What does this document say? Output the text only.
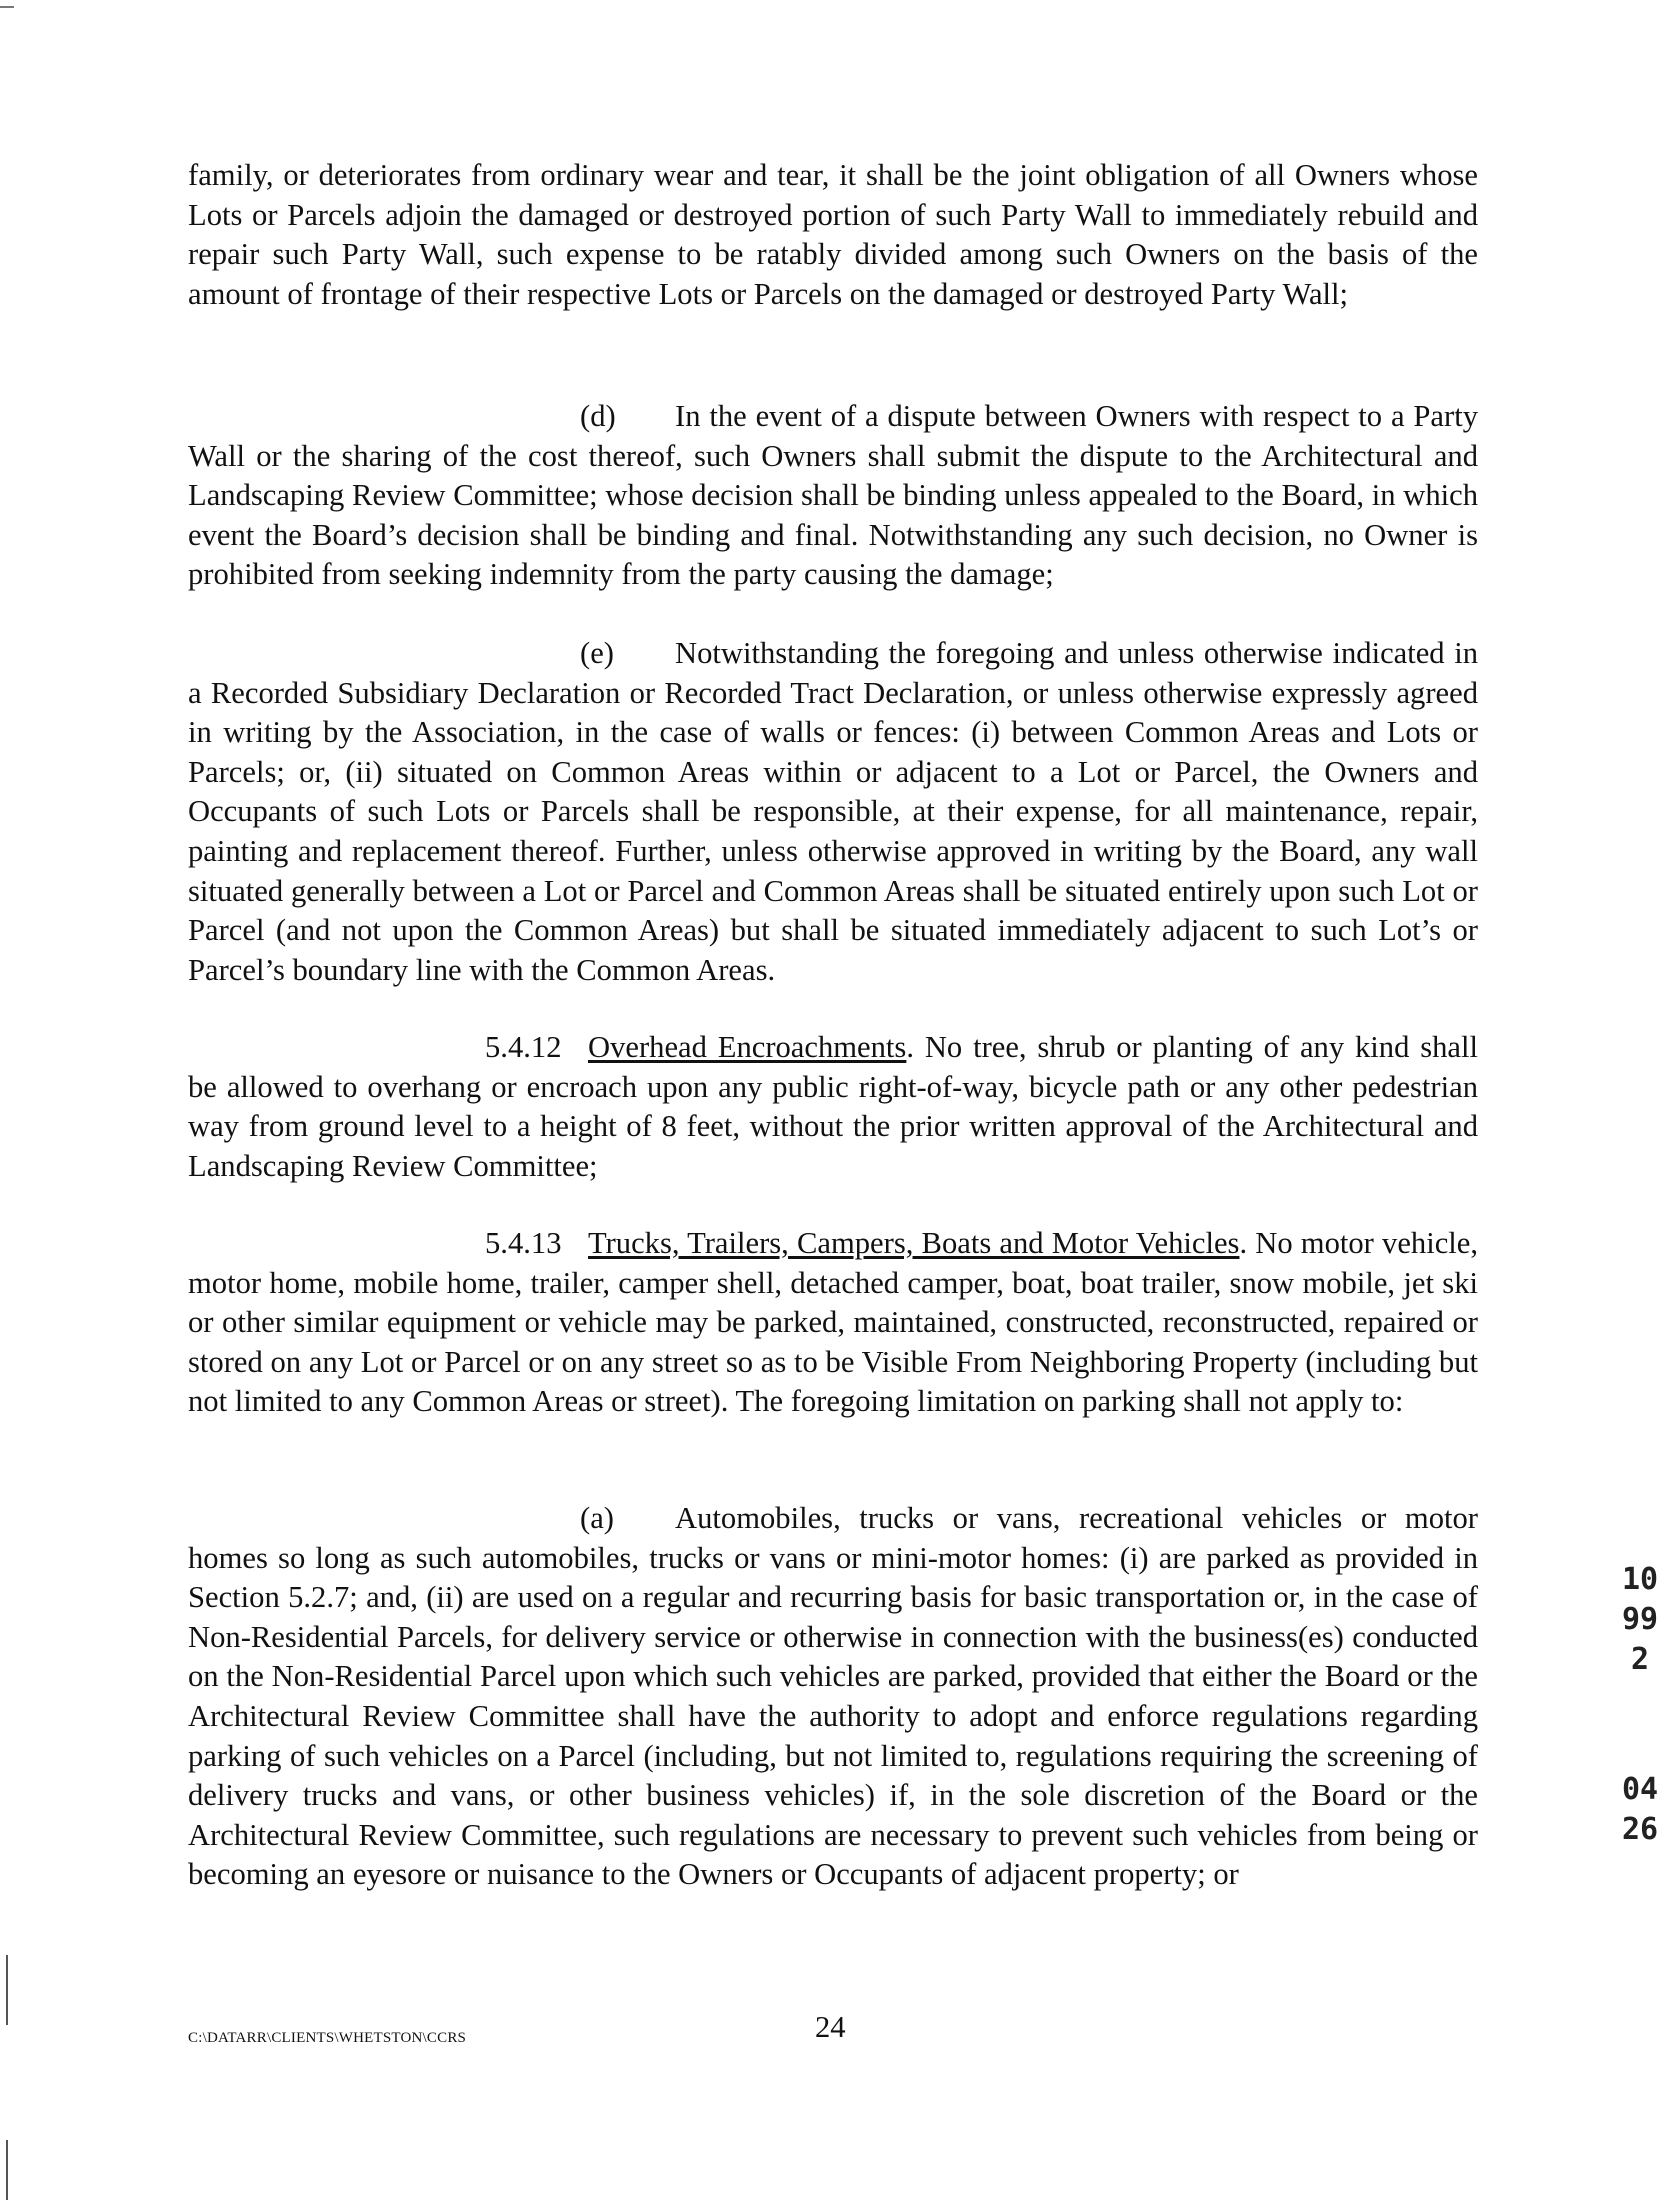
family, or deteriorates from ordinary wear and tear, it shall be the joint obligation of all Owners whose Lots or Parcels adjoin the damaged or destroyed portion of such Party Wall to immediately rebuild and repair such Party Wall, such expense to be ratably divided among such Owners on the basis of the amount of frontage of their respective Lots or Parcels on the damaged or destroyed Party Wall;

(d) In the event of a dispute between Owners with respect to a Party Wall or the sharing of the cost thereof, such Owners shall submit the dispute to the Architectural and Landscaping Review Committee; whose decision shall be binding unless appealed to the Board, in which event the Board’s decision shall be binding and final. Notwithstanding any such decision, no Owner is prohibited from seeking indemnity from the party causing the damage;

(e) Notwithstanding the foregoing and unless otherwise indicated in a Recorded Subsidiary Declaration or Recorded Tract Declaration, or unless otherwise expressly agreed in writing by the Association, in the case of walls or fences: (i) between Common Areas and Lots or Parcels; or, (ii) situated on Common Areas within or adjacent to a Lot or Parcel, the Owners and Occupants of such Lots or Parcels shall be responsible, at their expense, for all maintenance, repair, painting and replacement thereof. Further, unless otherwise approved in writing by the Board, any wall situated generally between a Lot or Parcel and Common Areas shall be situated entirely upon such Lot or Parcel (and not upon the Common Areas) but shall be situated immediately adjacent to such Lot’s or Parcel’s boundary line with the Common Areas.

5.4.12 Overhead Encroachments. No tree, shrub or planting of any kind shall be allowed to overhang or encroach upon any public right-of-way, bicycle path or any other pedestrian way from ground level to a height of 8 feet, without the prior written approval of the Architectural and Landscaping Review Committee;

5.4.13 Trucks, Trailers, Campers, Boats and Motor Vehicles. No motor vehicle, motor home, mobile home, trailer, camper shell, detached camper, boat, boat trailer, snow mobile, jet ski or other similar equipment or vehicle may be parked, maintained, constructed, reconstructed, repaired or stored on any Lot or Parcel or on any street so as to be Visible From Neighboring Property (including but not limited to any Common Areas or street). The foregoing limitation on parking shall not apply to:

(a) Automobiles, trucks or vans, recreational vehicles or motor homes so long as such automobiles, trucks or vans or mini-motor homes: (i) are parked as provided in Section 5.2.7; and, (ii) are used on a regular and recurring basis for basic transportation or, in the case of Non-Residential Parcels, for delivery service or otherwise in connection with the business(es) conducted on the Non-Residential Parcel upon which such vehicles are parked, provided that either the Board or the Architectural Review Committee shall have the authority to adopt and enforce regulations regarding parking of such vehicles on a Parcel (including, but not limited to, regulations requiring the screening of delivery trucks and vans, or other business vehicles) if, in the sole discretion of the Board or the Architectural Review Committee, such regulations are necessary to prevent such vehicles from being or becoming an eyesore or nuisance to the Owners or Occupants of adjacent property; or

10992
0426
C:\DATARR\CLIENTS\WHETSTON\CCRS	24
